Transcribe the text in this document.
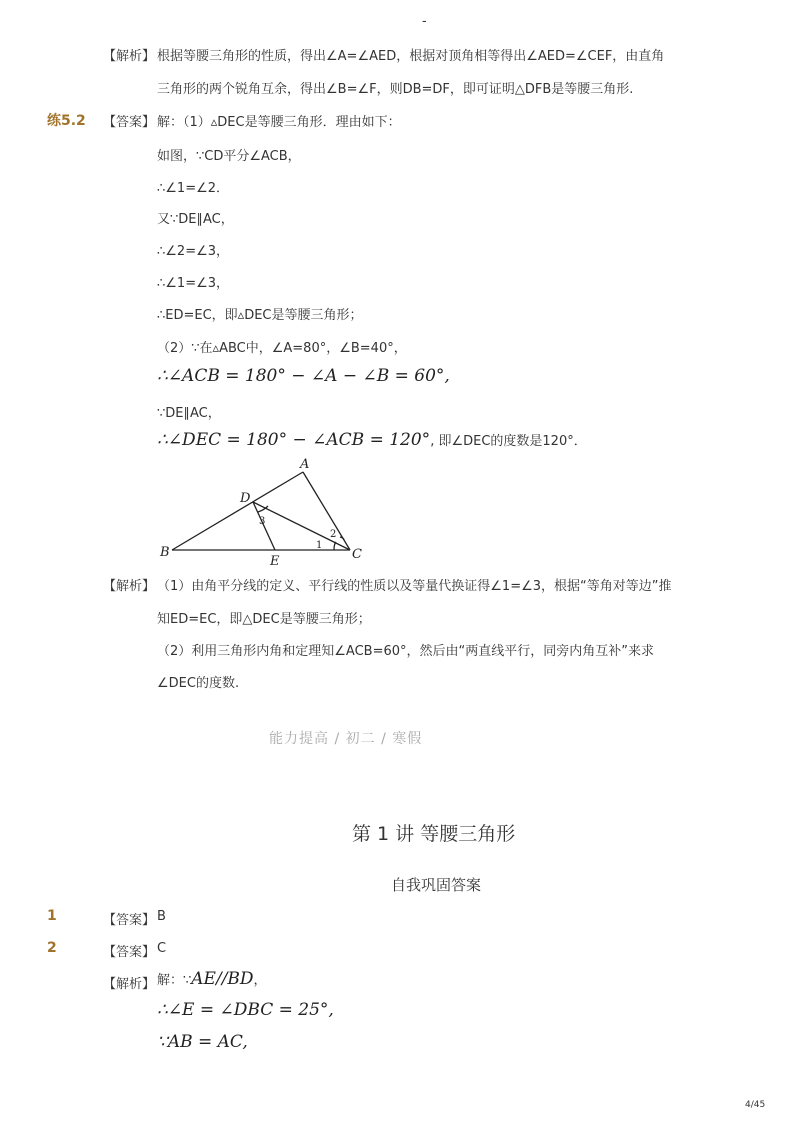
-
【解析】 根据等腰三角形的性质，得出∠A=∠AED，根据对顶角相等得出∠AED=∠CEF，由直角
三角形的两个锐角互余，得出∠B=∠F，则DB=DF，即可证明△DFB是等腰三角形.
练5.2 【答案】 解：（1）▵DEC是等腰三角形．理由如下：
如图，∵CD平分∠ACB，
∴∠1=∠2．
又∵DE∥AC，
∴∠2=∠3，
∴∠1=∠3，
∴ED=EC，即▵DEC是等腰三角形；
（2）∵在▵ABC中，∠A=80°，∠B=40°，
∴∠ACB = 180° − ∠A − ∠B = 60°,
∵DE∥AC，
∴∠DEC = 180° − ∠ACB = 120°, 即∠DEC的度数是120°．
A
B	C
D
E
1
2
3
【解析】 （1）由角平分线的定义、平行线的性质以及等量代换证得∠1=∠3，根据“等角对等边”推
知ED=EC，即△DEC是等腰三角形；
（2）利用三角形内角和定理知∠ACB=60°，然后由“两直线平行，同旁内角互补”来求
∠DEC的度数.
能力提高 / 初二 / 寒假
第 1 讲 等腰三角形
自我巩固答案
1	【答案】 B
2	【答案】 C
【解析】 解：∵AE//BD，
∴∠E = ∠DBC = 25°,
∵AB = AC,
4/45
